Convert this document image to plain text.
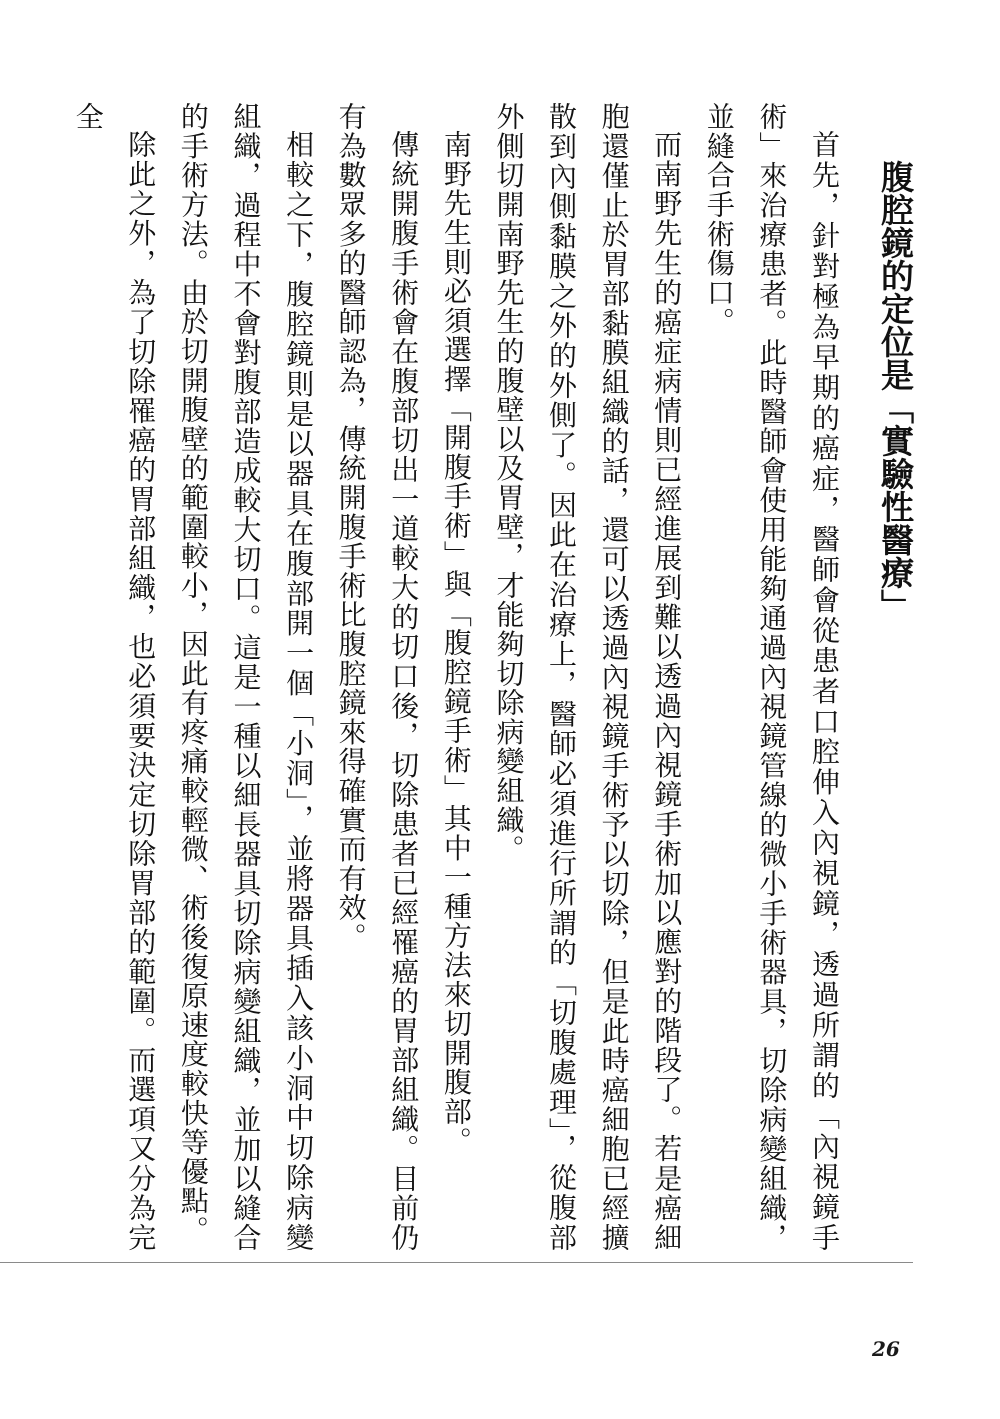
腹腔鏡的定位是「實驗性醫療」

首先，針對極為早期的癌症，醫師會從患者口腔伸入內視鏡，透過所謂的「內視鏡手術」來治療患者。此時醫師會使用能夠通過內視鏡管線的微小手術器具，切除病變組織，並縫合手術傷口。

而南野先生的癌症病情則已經進展到難以透過內視鏡手術加以應對的階段了。若是癌細胞還僅止於胃部黏膜組織的話，還可以透過內視鏡手術予以切除，但是此時癌細胞已經擴散到內側黏膜之外的外側了。因此在治療上，醫師必須進行所謂的「切腹處理」，從腹部外側切開南野先生的腹壁以及胃壁，才能夠切除病變組織。

南野先生則必須選擇「開腹手術」與「腹腔鏡手術」其中一種方法來切開腹部。

傳統開腹手術會在腹部切出一道較大的切口後，切除患者已經罹癌的胃部組織。目前仍有為數眾多的醫師認為，傳統開腹手術比腹腔鏡來得確實而有效。

相較之下，腹腔鏡則是以器具在腹部開一個「小洞」，並將器具插入該小洞中切除病變組織，過程中不會對腹部造成較大切口。這是一種以細長器具切除病變組織，並加以縫合的手術方法。由於切開腹壁的範圍較小，因此有疼痛較輕微、術後復原速度較快等優點。

除此之外，為了切除罹癌的胃部組織，也必須要決定切除胃部的範圍。而選項又分為完全

26
